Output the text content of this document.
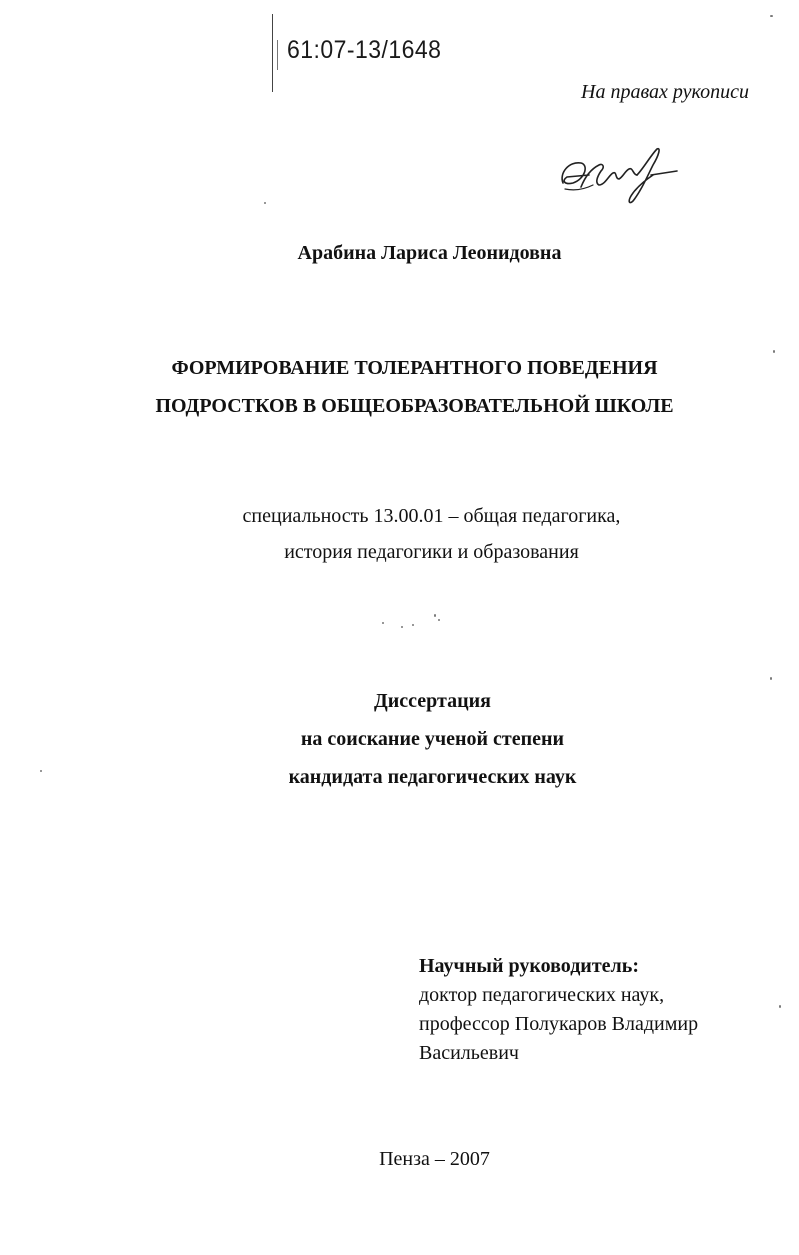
61:07-13/1648
На правах рукописи
Арабина Лариса Леонидовна
ФОРМИРОВАНИЕ ТОЛЕРАНТНОГО ПОВЕДЕНИЯ
ПОДРОСТКОВ В ОБЩЕОБРАЗОВАТЕЛЬНОЙ ШКОЛЕ
специальность 13.00.01 – общая педагогика,
история педагогики и образования
Диссертация
на соискание ученой степени
кандидата педагогических наук
Научный руководитель:
доктор педагогических наук,
профессор Полукаров Владимир
Васильевич
Пенза – 2007
